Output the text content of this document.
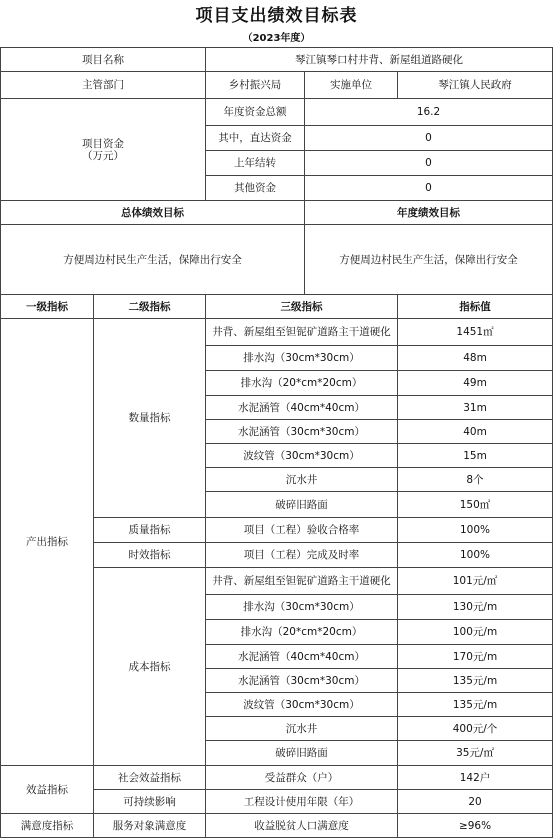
项目支出绩效目标表
（2023年度）
项目名称		琴江镇琴口村井背、新屋组道路硬化		
主管部门		乡村振兴局	实施单位	琴江镇人民政府
项目资金
（万元）		年度资金总额	16.2	
		其中，直达资金	0	
		上年结转	0	
		其他资金	0	
总体绩效目标			年度绩效目标	
方便周边村民生产生活，保障出行安全			方便周边村民生产生活，保障出行安全	
一级指标	二级指标	三级指标		指标值
产出指标	数量指标	井背、新屋组至钽铌矿道路主干道硬化		1451㎡
		排水沟（30cm*30cm）		48m
		排水沟（20*cm*20cm）		49m
		水泥涵管（40cm*40cm）		31m
		水泥涵管（30cm*30cm）		40m
		波纹管（30cm*30cm）		15m
		沉水井		8个
		破碎旧路面		150㎡
	质量指标	项目（工程）验收合格率		100%
	时效指标	项目（工程）完成及时率		100%
	成本指标	井背、新屋组至钽铌矿道路主干道硬化		101元/㎡
		排水沟（30cm*30cm）		130元/m
		排水沟（20*cm*20cm）		100元/m
		水泥涵管（40cm*40cm）		170元/m
		水泥涵管（30cm*30cm）		135元/m
		波纹管（30cm*30cm）		135元/m
		沉水井		400元/个
		破碎旧路面		35元/㎡
效益指标	社会效益指标	受益群众（户）		142户
	可持续影响	工程设计使用年限（年）		20
满意度指标	服务对象满意度	收益脱贫人口满意度		≥96%
